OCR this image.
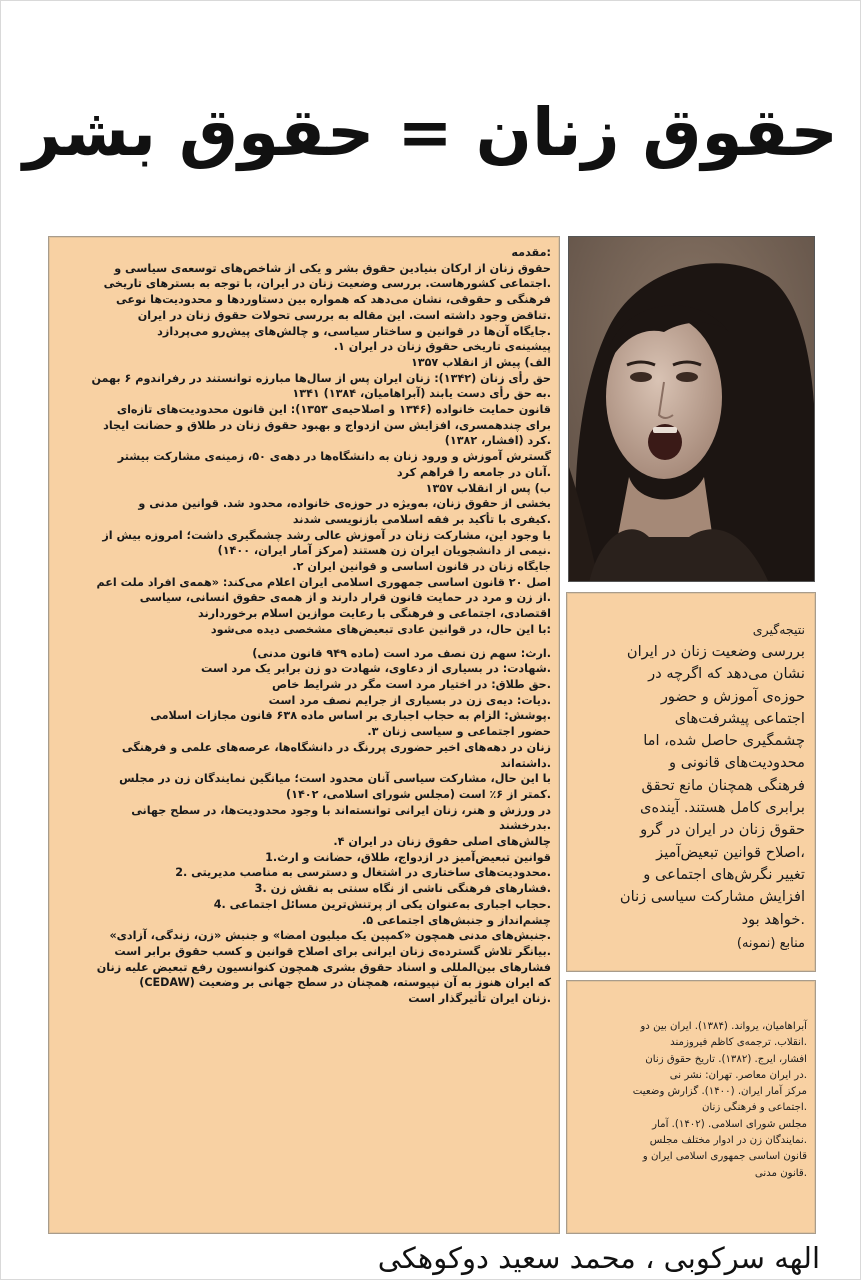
حقوق زنان = حقوق بشر

:مقدمه

حقوق زنان از ارکان بنیادین حقوق بشر و یکی از شاخص‌های توسعه‌ی سیاسی و

.اجتماعی کشورهاست. بررسی وضعیت زنان در ایران، با توجه به بسترهای تاریخی

فرهنگی و حقوقی، نشان می‌دهد که همواره بین دستاوردها و محدودیت‌ها نوعی

.تناقض وجود داشته است. این مقاله به بررسی تحولات حقوق زنان در ایران

.جایگاه آن‌ها در قوانین و ساختار سیاسی، و چالش‌های پیش‌رو می‌پردازد

پیشینه‌ی تاریخی حقوق زنان در ایران ۱.

الف) پیش از انقلاب ۱۳۵۷

حق رأی زنان (۱۳۴۲): زنان ایران پس از سال‌ها مبارزه توانستند در رفراندوم ۶ بهمن

.به حق رأی دست یابند (آبراهامیان، ۱۳۸۴) ۱۳۴۱

قانون حمایت خانواده (۱۳۴۶ و اصلاحیه‌ی ۱۳۵۳): این قانون محدودیت‌های تازه‌ای

برای چندهمسری، افزایش سن ازدواج و بهبود حقوق زنان در طلاق و حضانت ایجاد

.کرد (افشار، ۱۳۸۲)

گسترش آموزش و ورود زنان به دانشگاه‌ها در دهه‌ی ۵۰، زمینه‌ی مشارکت بیشتر

.آنان در جامعه را فراهم کرد

ب) پس از انقلاب ۱۳۵۷

بخشی از حقوق زنان، به‌ویژه در حوزه‌ی خانواده، محدود شد. قوانین مدنی و

.کیفری با تأکید بر فقه اسلامی بازنویسی شدند

با وجود این، مشارکت زنان در آموزش عالی رشد چشمگیری داشت؛ امروزه بیش از

.نیمی از دانشجویان ایران زن هستند (مرکز آمار ایران، ۱۴۰۰)

جایگاه زنان در قانون اساسی و قوانین ایران ۲.

اصل ۲۰ قانون اساسی جمهوری اسلامی ایران اعلام می‌کند: «همه‌ی افراد ملت اعم

.از زن و مرد در حمایت قانون قرار دارند و از همه‌ی حقوق انسانی، سیاسی

اقتصادی، اجتماعی و فرهنگی با رعایت موازین اسلام برخوردارند

:با این حال، در قوانین عادی تبعیض‌های مشخصی دیده می‌شود

.ارث: سهم زن نصف مرد است (ماده ۹۴۹ قانون مدنی)

.شهادت: در بسیاری از دعاوی، شهادت دو زن برابر یک مرد است

.حق طلاق: در اختیار مرد است مگر در شرایط خاص

.دیات: دیه‌ی زن در بسیاری از جرایم نصف مرد است

.پوشش: الزام به حجاب اجباری بر اساس ماده ۶۳۸ قانون مجازات اسلامی

حضور اجتماعی و سیاسی زنان ۳.

زنان در دهه‌های اخیر حضوری پررنگ در دانشگاه‌ها، عرصه‌های علمی و فرهنگی

.داشته‌اند

با این حال، مشارکت سیاسی آنان محدود است؛ میانگین نمایندگان زن در مجلس

.کمتر از ۶٪ است (مجلس شورای اسلامی، ۱۴۰۲)

در ورزش و هنر، زنان ایرانی توانسته‌اند با وجود محدودیت‌ها، در سطح جهانی

.بدرخشند

چالش‌های اصلی حقوق زنان در ایران ۴.

قوانین تبعیض‌آمیز در ازدواج، طلاق، حضانت و ارث.1

.محدودیت‌های ساختاری در اشتغال و دسترسی به مناصب مدیریتی .2

.فشارهای فرهنگی ناشی از نگاه سنتی به نقش زن .3

.حجاب اجباری به‌عنوان یکی از پرتنش‌ترین مسائل اجتماعی .4

چشم‌انداز و جنبش‌های اجتماعی ۵.

.جنبش‌های مدنی همچون «کمپین یک میلیون امضا» و جنبش «زن، زندگی، آزادی»

.بیانگر تلاش گسترده‌ی زنان ایرانی برای اصلاح قوانین و کسب حقوق برابر است

فشارهای بین‌المللی و اسناد حقوق بشری همچون کنوانسیون رفع تبعیض علیه زنان

که ایران هنوز به آن نپیوسته، همچنان در سطح جهانی بر وضعیت (CEDAW)

.زنان ایران تأثیرگذار است

نتیجه‌گیری

بررسی وضعیت زنان در ایران

نشان می‌دهد که اگرچه در

حوزه‌ی آموزش و حضور

اجتماعی پیشرفت‌های

چشمگیری حاصل شده، اما

محدودیت‌های قانونی و

فرهنگی همچنان مانع تحقق

برابری کامل هستند. آینده‌ی

حقوق زنان در ایران در گرو

،اصلاح قوانین تبعیض‌آمیز

تغییر نگرش‌های اجتماعی و

افزایش مشارکت سیاسی زنان

.خواهد بود

منابع (نمونه)

آبراهامیان، یرواند. (۱۳۸۴). ایران بین دو

.انقلاب. ترجمه‌ی کاظم فیروزمند

افشار، ایرج. (۱۳۸۲). تاریخ حقوق زنان

.در ایران معاصر. تهران: نشر نی

مرکز آمار ایران. (۱۴۰۰). گزارش وضعیت

.اجتماعی و فرهنگی زنان

مجلس شورای اسلامی. (۱۴۰۲). آمار

.نمایندگان زن در ادوار مختلف مجلس

قانون اساسی جمهوری اسلامی ایران و

.قانون مدنی

الهه سرکوبی ، محمد سعید دوکوهکی
